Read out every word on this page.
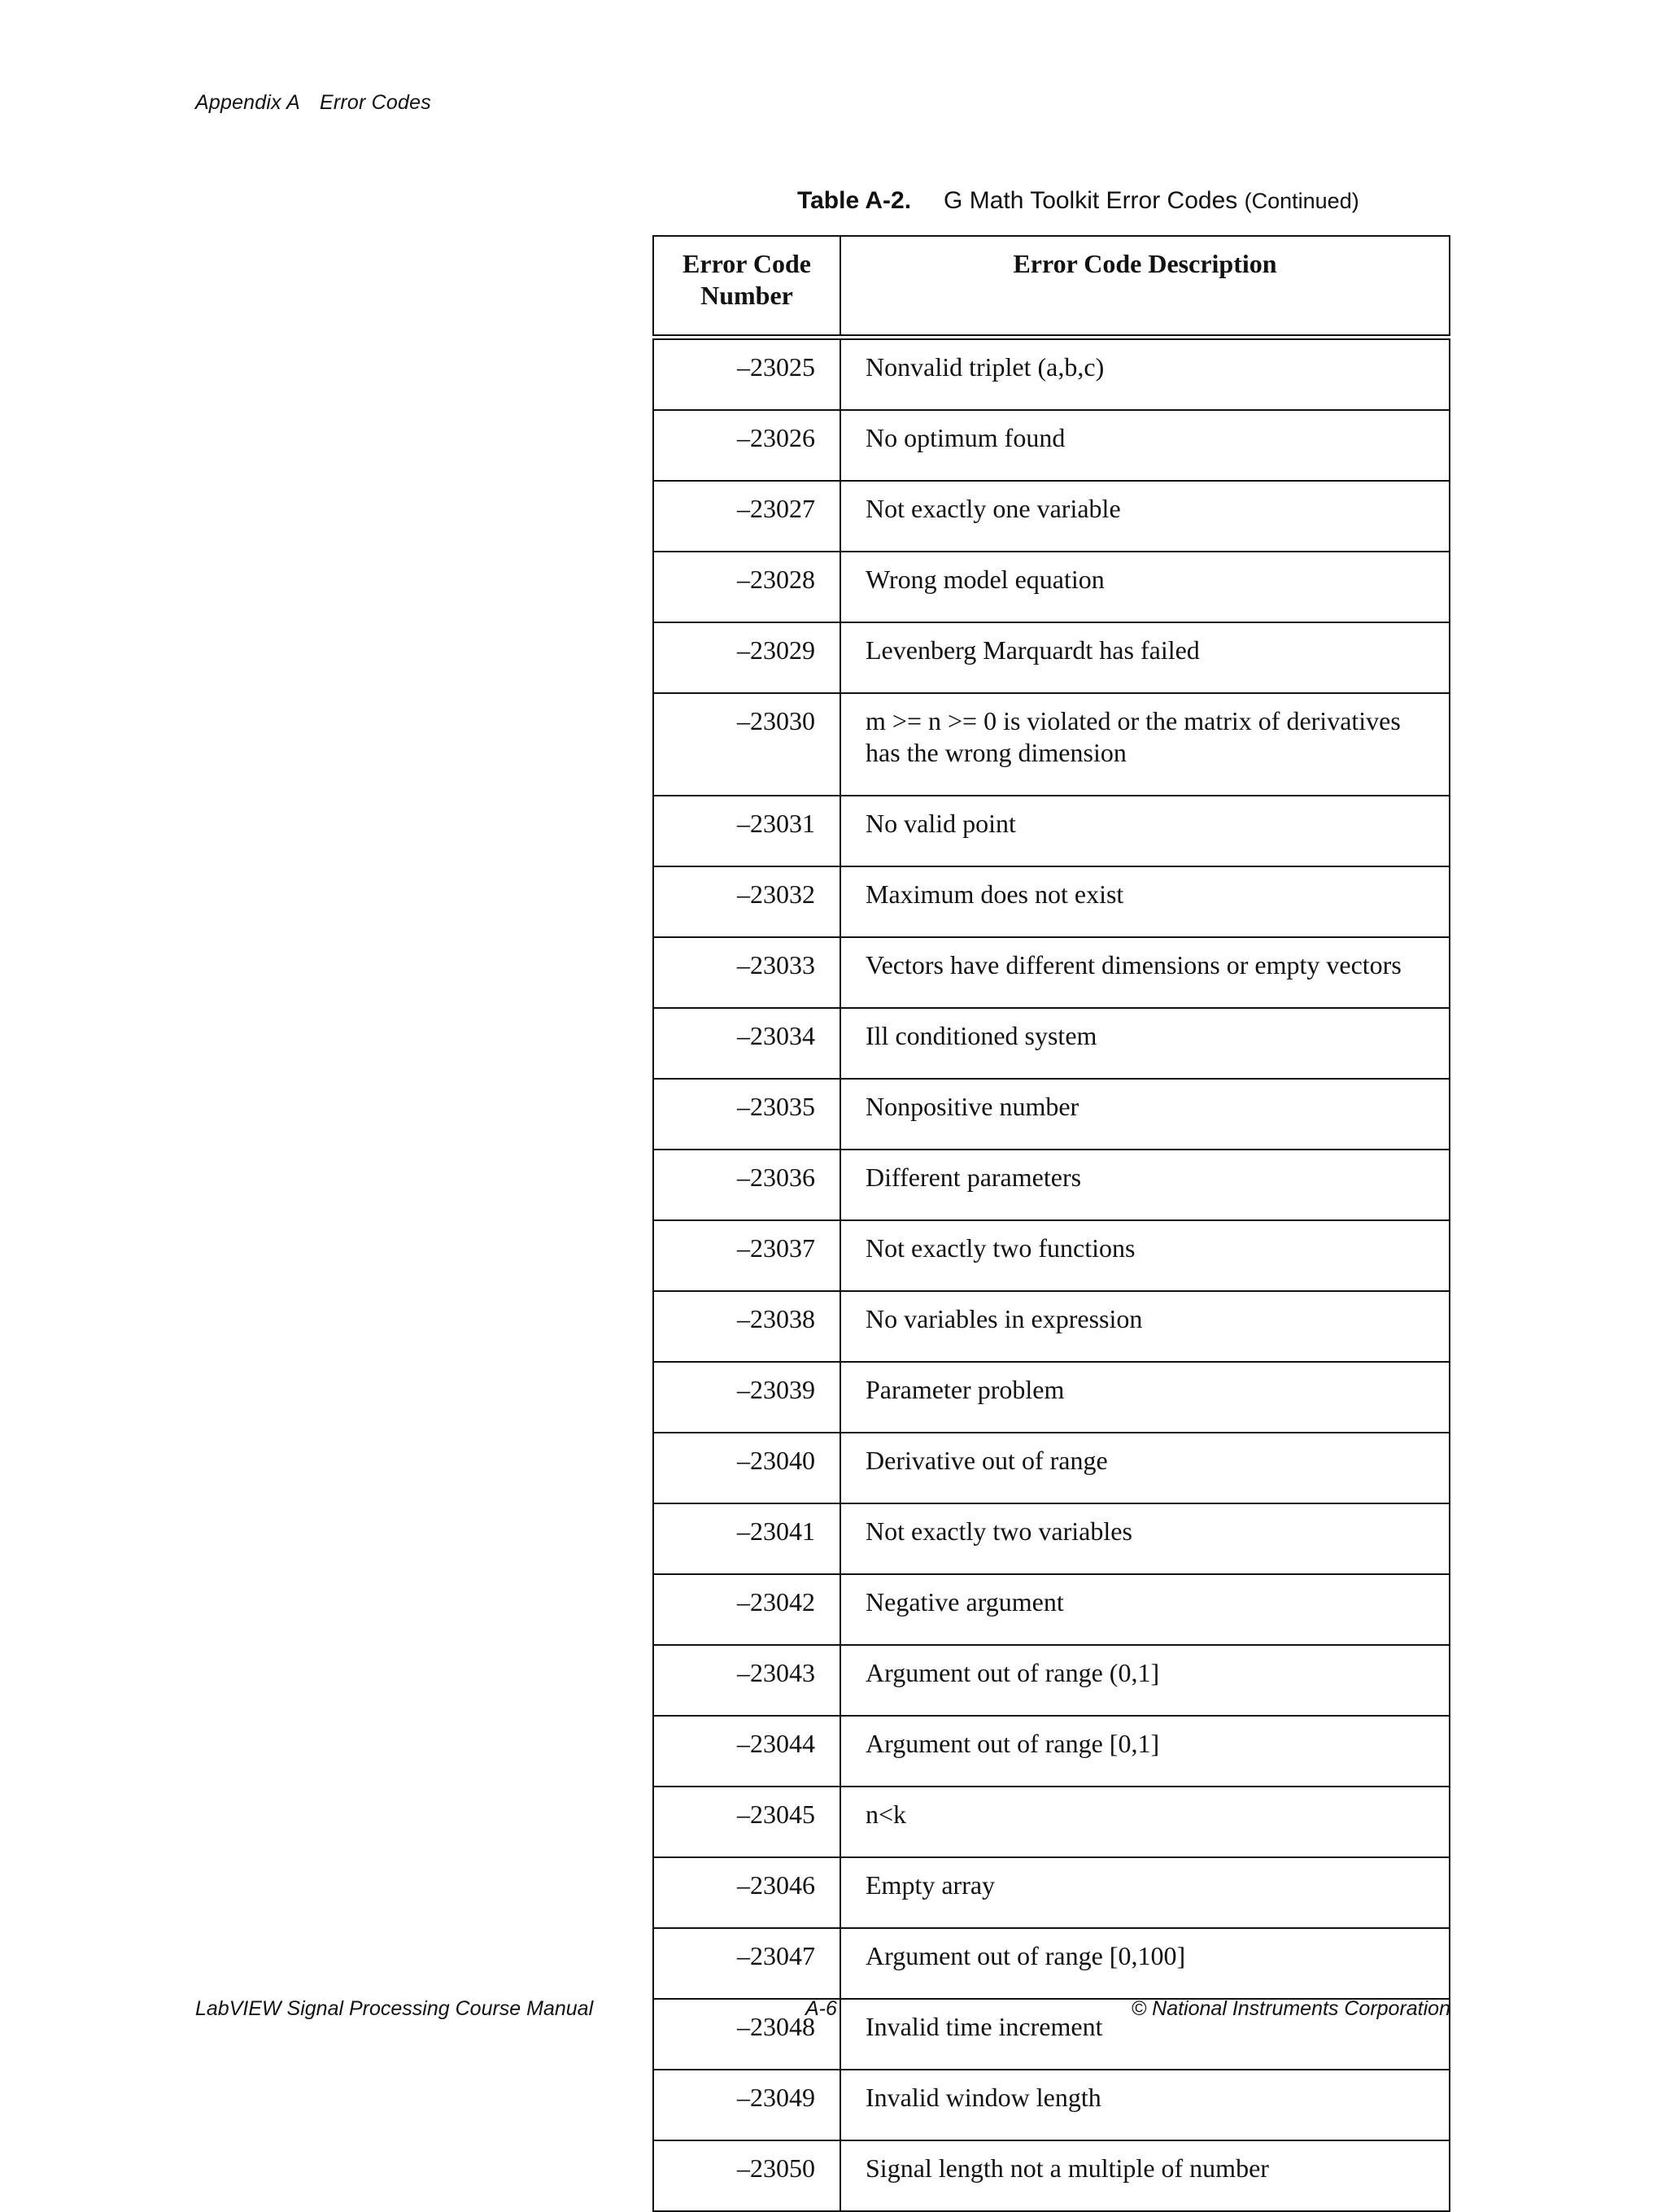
Appendix A Error Codes
Table A-2. G Math Toolkit Error Codes (Continued)
Error Code Number	Error Code Description
–23025	Nonvalid triplet (a,b,c)
–23026	No optimum found
–23027	Not exactly one variable
–23028	Wrong model equation
–23029	Levenberg Marquardt has failed
–23030	m >= n >= 0 is violated or the matrix of derivatives has the wrong dimension
–23031	No valid point
–23032	Maximum does not exist
–23033	Vectors have different dimensions or empty vectors
–23034	Ill conditioned system
–23035	Nonpositive number
–23036	Different parameters
–23037	Not exactly two functions
–23038	No variables in expression
–23039	Parameter problem
–23040	Derivative out of range
–23041	Not exactly two variables
–23042	Negative argument
–23043	Argument out of range (0,1]
–23044	Argument out of range [0,1]
–23045	n<k
–23046	Empty array
–23047	Argument out of range [0,100]
–23048	Invalid time increment
–23049	Invalid window length
–23050	Signal length not a multiple of number
LabVIEW Signal Processing Course Manual	A-6	© National Instruments Corporation
